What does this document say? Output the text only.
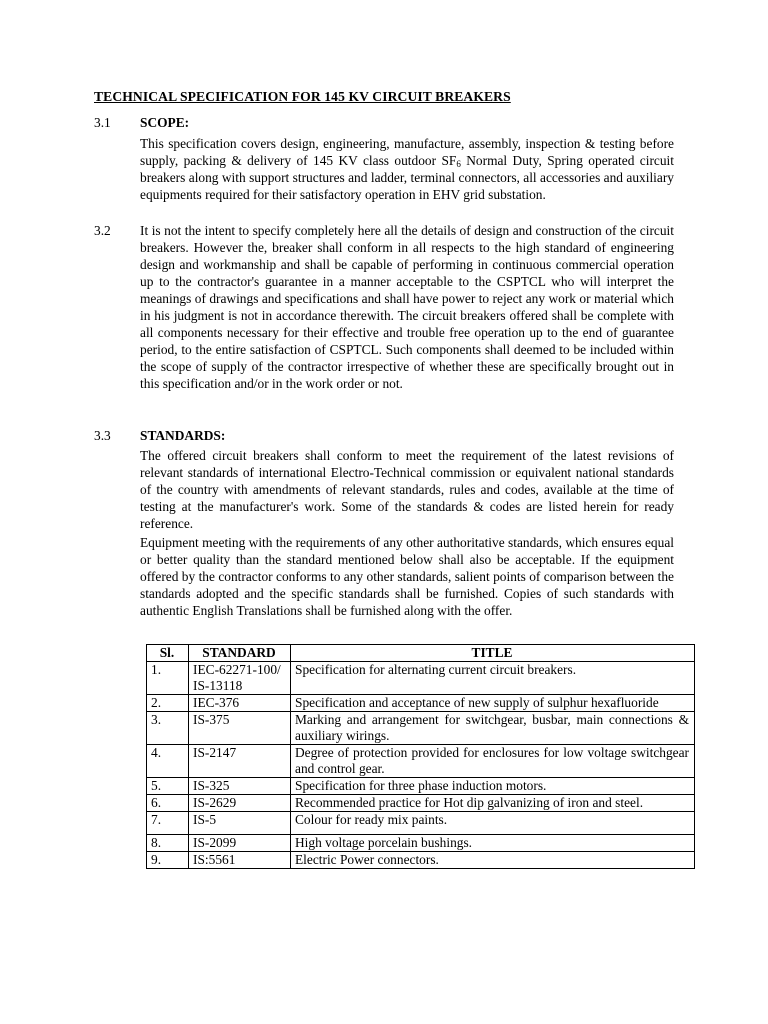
TECHNICAL SPECIFICATION FOR 145 KV CIRCUIT BREAKERS
3.1 SCOPE:

This specification covers design, engineering, manufacture, assembly, inspection & testing before supply, packing & delivery of 145 KV class outdoor $SF_6$ Normal Duty, Spring operated circuit breakers along with support structures and ladder, terminal connectors, all accessories and auxiliary equipments required for their satisfactory operation in EHV grid substation.

3.2 It is not the intent to specify completely here all the details of design and construction of the circuit breakers. However the, breaker shall conform in all respects to the high standard of engineering design and workmanship and shall be capable of performing in continuous commercial operation up to the contractor's guarantee in a manner acceptable to the CSPTCL who will interpret the meanings of drawings and specifications and shall have power to reject any work or material which in his judgment is not in accordance therewith. The circuit breakers offered shall be complete with all components necessary for their effective and trouble free operation up to the end of guarantee period, to the entire satisfaction of CSPTCL. Such components shall deemed to be included within the scope of supply of the contractor irrespective of whether these are specifically brought out in this specification and/or in the work order or not.

3.3 STANDARDS:

The offered circuit breakers shall conform to meet the requirement of the latest revisions of relevant standards of international Electro-Technical commission or equivalent national standards of the country with amendments of relevant standards, rules and codes, available at the time of testing at the manufacturer's work. Some of the standards & codes are listed herein for ready reference.

Equipment meeting with the requirements of any other authoritative standards, which ensures equal or better quality than the standard mentioned below shall also be acceptable. If the equipment offered by the contractor conforms to any other standards, salient points of comparison between the standards adopted and the specific standards shall be furnished. Copies of such standards with authentic English Translations shall be furnished along with the offer.

Sl.	STANDARD	TITLE
1.	IEC-62271-100/ IS-13118	Specification for alternating current circuit breakers.
2.	IEC-376	Specification and acceptance of new supply of sulphur hexafluoride
3.	IS-375	Marking and arrangement for switchgear, busbar, main connections & auxiliary wirings.
4.	IS-2147	Degree of protection provided for enclosures for low voltage switchgear and control gear.
5.	IS-325	Specification for three phase induction motors.
6.	IS-2629	Recommended practice for Hot dip galvanizing of iron and steel.
7.	IS-5	Colour for ready mix paints.
8.	IS-2099	High voltage porcelain bushings.
9.	IS:5561	Electric Power connectors.
